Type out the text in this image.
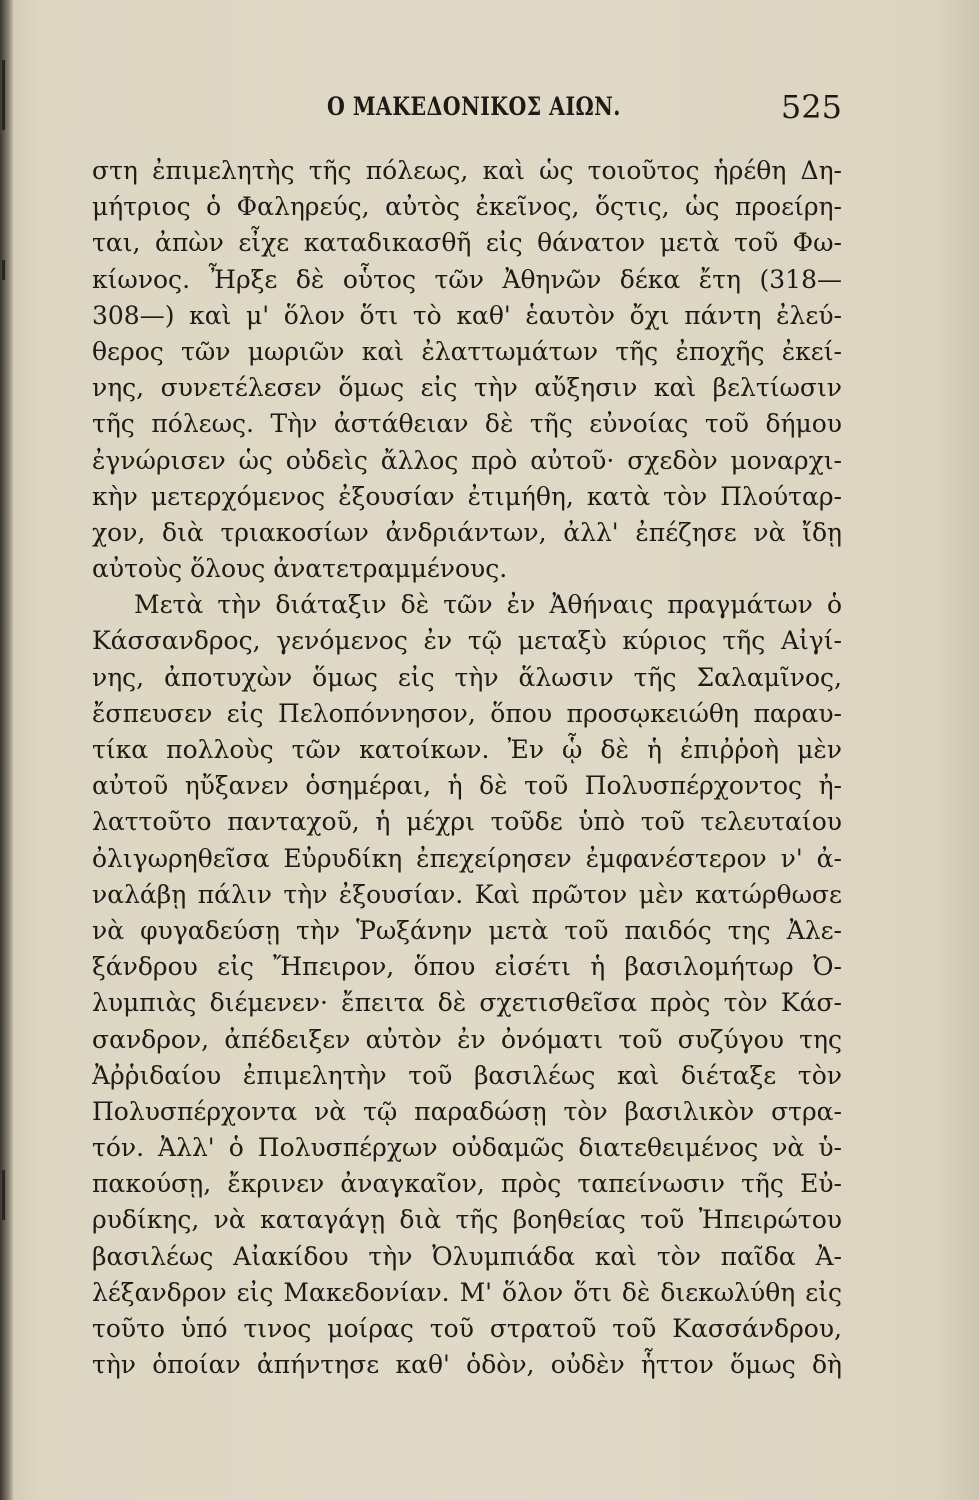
Ο ΜΑΚΕΔΟΝΙΚΟΣ ΑΙΩΝ.	525
στη ἐπιμελητὴς τῆς πόλεως, καὶ ὡς τοιοῦτος ἡρέθη Δη-
μήτριος ὁ Φαληρεύς, αὐτὸς ἐκεῖνος, ὅςτις, ὡς προείρη-
ται, ἀπὼν εἶχε καταδικασθῆ εἰς θάνατον μετὰ τοῦ Φω-
κίωνος. Ἦρξε δὲ οὗτος τῶν Ἀθηνῶν δέκα ἔτη (318—
308—) καὶ μ' ὅλον ὅτι τὸ καθ' ἑαυτὸν ὄχι πάντη ἐλεύ-
θερος τῶν μωριῶν καὶ ἐλαττωμάτων τῆς ἐποχῆς ἐκεί-
νης, συνετέλεσεν ὅμως εἰς τὴν αὔξησιν καὶ βελτίωσιν
τῆς πόλεως. Τὴν ἀστάθειαν δὲ τῆς εὐνοίας τοῦ δήμου
ἐγνώρισεν ὡς οὐδεὶς ἄλλος πρὸ αὐτοῦ· σχεδὸν μοναρχι-
κὴν μετερχόμενος ἐξουσίαν ἐτιμήθη, κατὰ τὸν Πλούταρ-
χον, διὰ τριακοσίων ἀνδριάντων, ἀλλ' ἐπέζησε νὰ ἴδῃ
αὐτοὺς ὅλους ἀνατετραμμένους.
Μετὰ τὴν διάταξιν δὲ τῶν ἐν Ἀθήναις πραγμάτων ὁ
Κάσσανδρος, γενόμενος ἐν τῷ μεταξὺ κύριος τῆς Αἰγί-
νης, ἀποτυχὼν ὅμως εἰς τὴν ἅλωσιν τῆς Σαλαμῖνος,
ἔσπευσεν εἰς Πελοπόννησον, ὅπου προσῳκειώθη παραυ-
τίκα πολλοὺς τῶν κατοίκων. Ἐν ᾧ δὲ ἡ ἐπιῤῥοὴ μὲν
αὐτοῦ ηὔξανεν ὁσημέραι, ἡ δὲ τοῦ Πολυσπέρχοντος ἠ-
λαττοῦτο πανταχοῦ, ἡ μέχρι τοῦδε ὑπὸ τοῦ τελευταίου
ὀλιγωρηθεῖσα Εὐρυδίκη ἐπεχείρησεν ἐμφανέστερον ν' ἀ-
ναλάβῃ πάλιν τὴν ἐξουσίαν. Καὶ πρῶτον μὲν κατώρθωσε
νὰ φυγαδεύσῃ τὴν Ῥωξάνην μετὰ τοῦ παιδός της Ἀλε-
ξάνδρου εἰς Ἤπειρον, ὅπου εἰσέτι ἡ βασιλομήτωρ Ὀ-
λυμπιὰς διέμενεν· ἔπειτα δὲ σχετισθεῖσα πρὸς τὸν Κάσ-
σανδρον, ἀπέδειξεν αὐτὸν ἐν ὀνόματι τοῦ συζύγου της
Ἀῤῥιδαίου ἐπιμελητὴν τοῦ βασιλέως καὶ διέταξε τὸν
Πολυσπέρχοντα νὰ τῷ παραδώσῃ τὸν βασιλικὸν στρα-
τόν. Ἀλλ' ὁ Πολυσπέρχων οὐδαμῶς διατεθειμένος νὰ ὑ-
πακούσῃ, ἔκρινεν ἀναγκαῖον, πρὸς ταπείνωσιν τῆς Εὐ-
ρυδίκης, νὰ καταγάγῃ διὰ τῆς βοηθείας τοῦ Ἠπειρώτου
βασιλέως Αἰακίδου τὴν Ὀλυμπιάδα καὶ τὸν παῖδα Ἀ-
λέξανδρον εἰς Μακεδονίαν. Μ' ὅλον ὅτι δὲ διεκωλύθη εἰς
τοῦτο ὑπό τινος μοίρας τοῦ στρατοῦ τοῦ Κασσάνδρου,
τὴν ὁποίαν ἀπήντησε καθ' ὁδὸν, οὐδὲν ἧττον ὅμως δὴ
